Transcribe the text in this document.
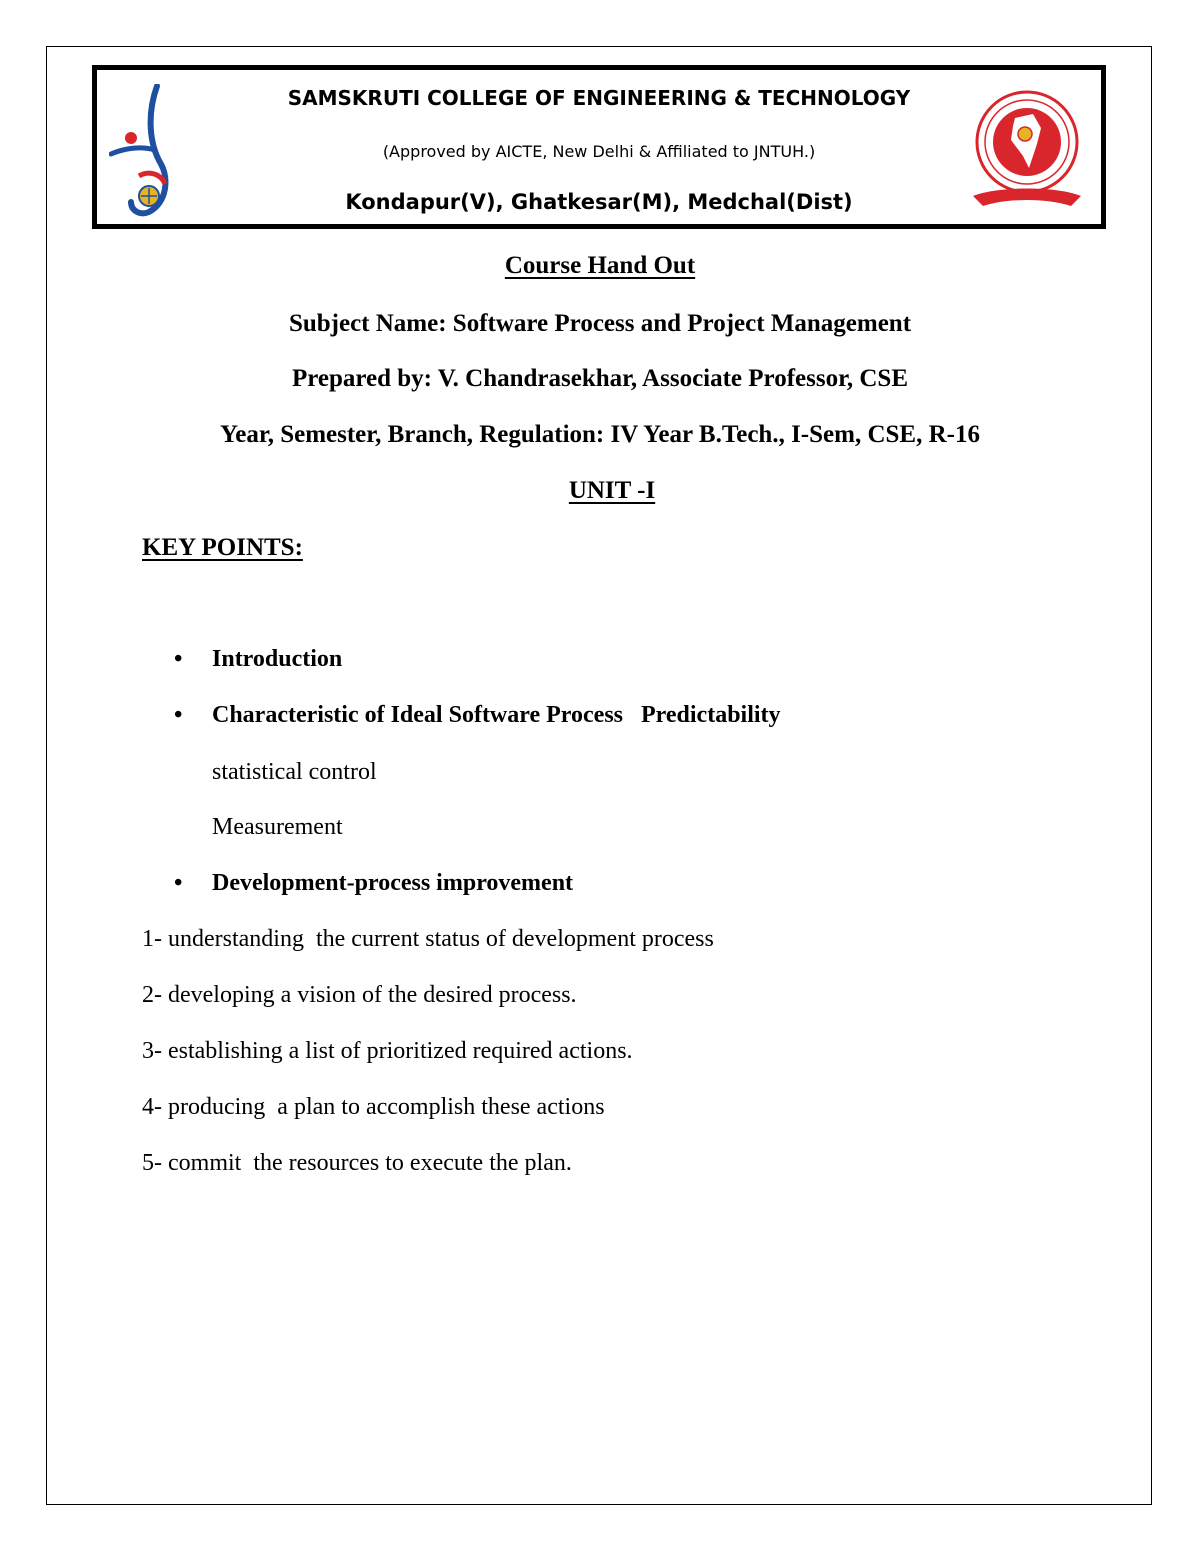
SAMSKRUTI COLLEGE OF ENGINEERING & TECHNOLOGY
(Approved by AICTE, New Delhi & Affiliated to JNTUH.)
Kondapur(V), Ghatkesar(M), Medchal(Dist)
Course Hand Out
Subject Name: Software Process and Project Management
Prepared by: V. Chandrasekhar, Associate Professor, CSE
Year, Semester, Branch, Regulation: IV Year B.Tech., I-Sem, CSE, R-16
UNIT -I
KEY POINTS:
• Introduction
• Characteristic of Ideal Software Process   Predictability
statistical control
Measurement
• Development-process improvement
1- understanding  the current status of development process
2- developing a vision of the desired process.
3- establishing a list of prioritized required actions.
4- producing  a plan to accomplish these actions
5- commit  the resources to execute the plan.
